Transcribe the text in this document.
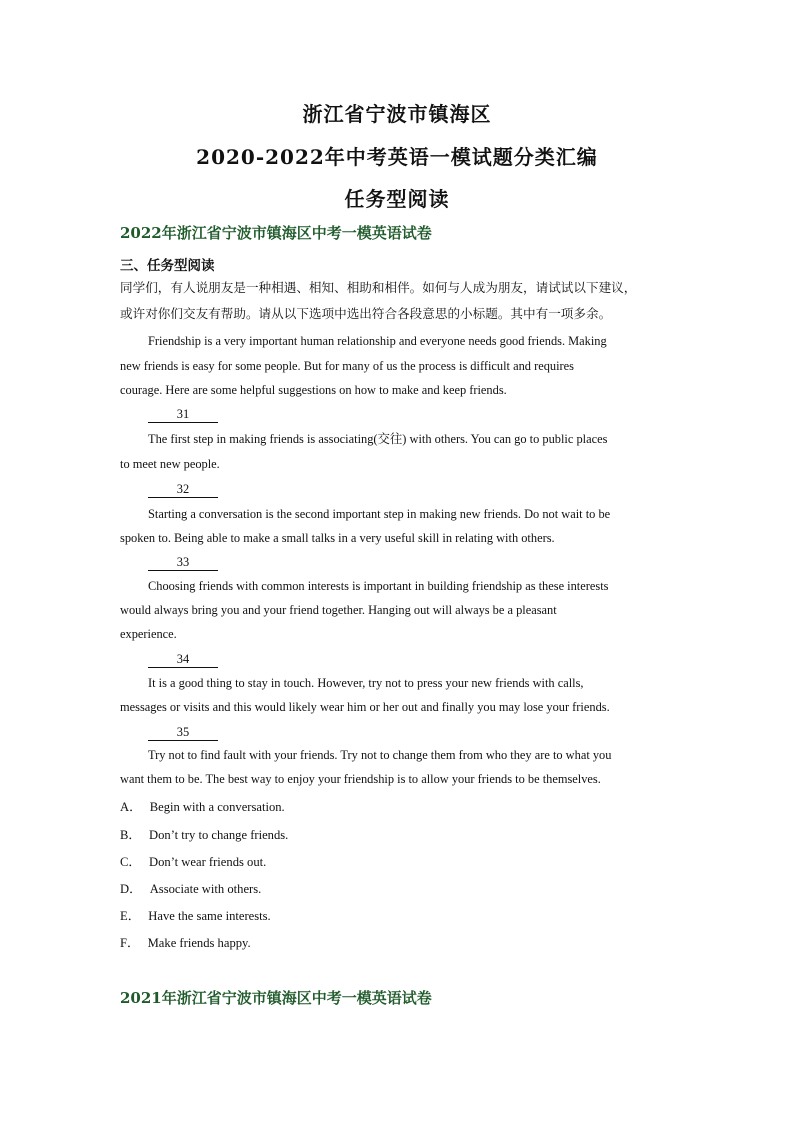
浙江省宁波市镇海区
2020-2022年中考英语一模试题分类汇编
任务型阅读
2022年浙江省宁波市镇海区中考一模英语试卷
三、任务型阅读
同学们，有人说朋友是一种相遇、相知、相助和相伴。如何与人成为朋友，请试试以下建议，
或许对你们交友有帮助。请从以下选项中选出符合各段意思的小标题。其中有一项多余。
Friendship is a very important human relationship and everyone needs good friends. Making
new friends is easy for some people. But for many of us the process is difficult and requires
courage. Here are some helpful suggestions on how to make and keep friends.
31
The first step in making friends is associating(交往) with others. You can go to public places
to meet new people.
32
Starting a conversation is the second important step in making new friends. Do not wait to be
spoken to. Being able to make a small talks in a very useful skill in relating with others.
33
Choosing friends with common interests is important in building friendship as these interests
would always bring you and your friend together. Hanging out will always be a pleasant
experience.
34
It is a good thing to stay in touch. However, try not to press your new friends with calls,
messages or visits and this would likely wear him or her out and finally you may lose your friends.
35
Try not to find fault with your friends. Try not to change them from who they are to what you
want them to be. The best way to enjoy your friendship is to allow your friends to be themselves.
A． Begin with a conversation.
B． Don’t try to change friends.
C． Don’t wear friends out.
D． Associate with others.
E． Have the same interests.
F． Make friends happy.
2021年浙江省宁波市镇海区中考一模英语试卷
